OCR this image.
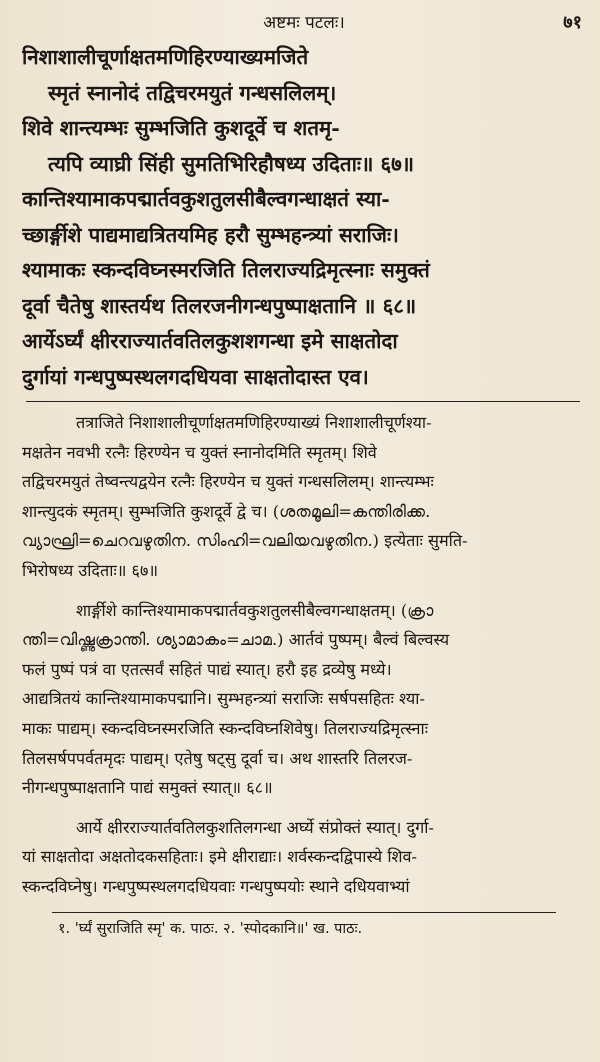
अष्टमः पटलः।	७१
निशाशालीचूर्णाक्षतमणिहिरण्याख्यमजिते
स्मृतं स्नानोदं तद्विचरमयुतं गन्धसलिलम्।
शिवे शान्त्यम्भः सुम्भजिति कुशदूर्वे च शतमृ-
त्यपि व्याघ्री सिंही सुमतिभिरिहौषध्य उदिताः॥ ६७॥
कान्तिश्यामाकपद्मार्तवकुशतुलसीबैल्वगन्धाक्षतं स्या-
च्छार्ङ्गीशे पाद्यमाद्यत्रितयमिह हरौ सुम्भहन्त्र्यां सराजिः।
श्यामाकः स्कन्दविघ्नस्मरजिति तिलराज्यद्रिमृत्स्नाः समुक्तं
दूर्वा चैतेषु शास्तर्यथ तिलरजनीगन्धपुष्पाक्षतानि ॥ ६८॥
आर्येऽर्घ्यं क्षीरराज्यार्तवतिलकुशशगन्धा इमे साक्षतोदा
दुर्गायां गन्धपुष्पस्थलगदधियवा साक्षतोदास्त एव।
तत्राजिते निशाशालीचूर्णाक्षतमणिहिरण्याख्यं निशाशालीचूर्णश्या-
मक्षतेन नवभी रत्नैः हिरण्येन च युक्तं स्नानोदमिति स्मृतम्। शिवे
तद्विचरमयुतं तेष्वन्त्यद्वयेन रत्नैः हिरण्येन च युक्तं गन्धसलिलम्। शान्त्यम्भः
शान्त्युदकं स्मृतम्। सुम्भजिति कुशदूर्वे द्वे च। (ശതമൂലി=കന്തിരിക്ക.
വ്യാഘ്രി=ചെറവഴുതിന. സിംഹി=വലിയവഴുതിന.) इत्येताः सुमति-
भिरोषध्य उदिताः॥ ६७॥
शार्ङ्गीशे कान्तिश्यामाकपद्मार्तवकुशतुलसीबैल्वगन्धाक्षतम्। (ക്രാ
ന്തി=വിഷ്ണുക്രാന്തി. ശ്യാമാകം=ചാമ.) आर्तवं पुष्पम्। बैल्वं बिल्वस्य
फलं पुष्पं पत्रं वा एतत्सर्वं सहितं पाद्यं स्यात्। हरौ इह द्रव्येषु मध्ये।
आद्यत्रितयं कान्तिश्यामाकपद्मानि। सुम्भहन्त्र्यां सराजिः सर्षपसहितः श्या-
माकः पाद्यम्। स्कन्दविघ्नस्मरजिति स्कन्दविघ्नशिवेषु। तिलराज्यद्रिमृत्स्नाः
तिलसर्षपपर्वतमृदः पाद्यम्। एतेषु षट्सु दूर्वा च। अथ शास्तरि तिलरज-
नीगन्धपुष्पाक्षतानि पाद्यं समुक्तं स्यात्॥ ६८॥
आर्ये क्षीरराज्यार्तवतिलकुशतिलगन्धा अर्घ्ये संप्रोक्तं स्यात्। दुर्गा-
यां साक्षतोदा अक्षतोदकसहिताः। इमे क्षीराद्याः। शर्वस्कन्दद्विपास्ये शिव-
स्कन्दविघ्नेषु। गन्धपुष्पस्थलगदधियवाः गन्धपुष्पयोः स्थाने दधियवाभ्यां
१. 'र्घ्यं सुराजिति स्मृ' क. पाठः. २. 'स्पोदकानि॥' ख. पाठः.
